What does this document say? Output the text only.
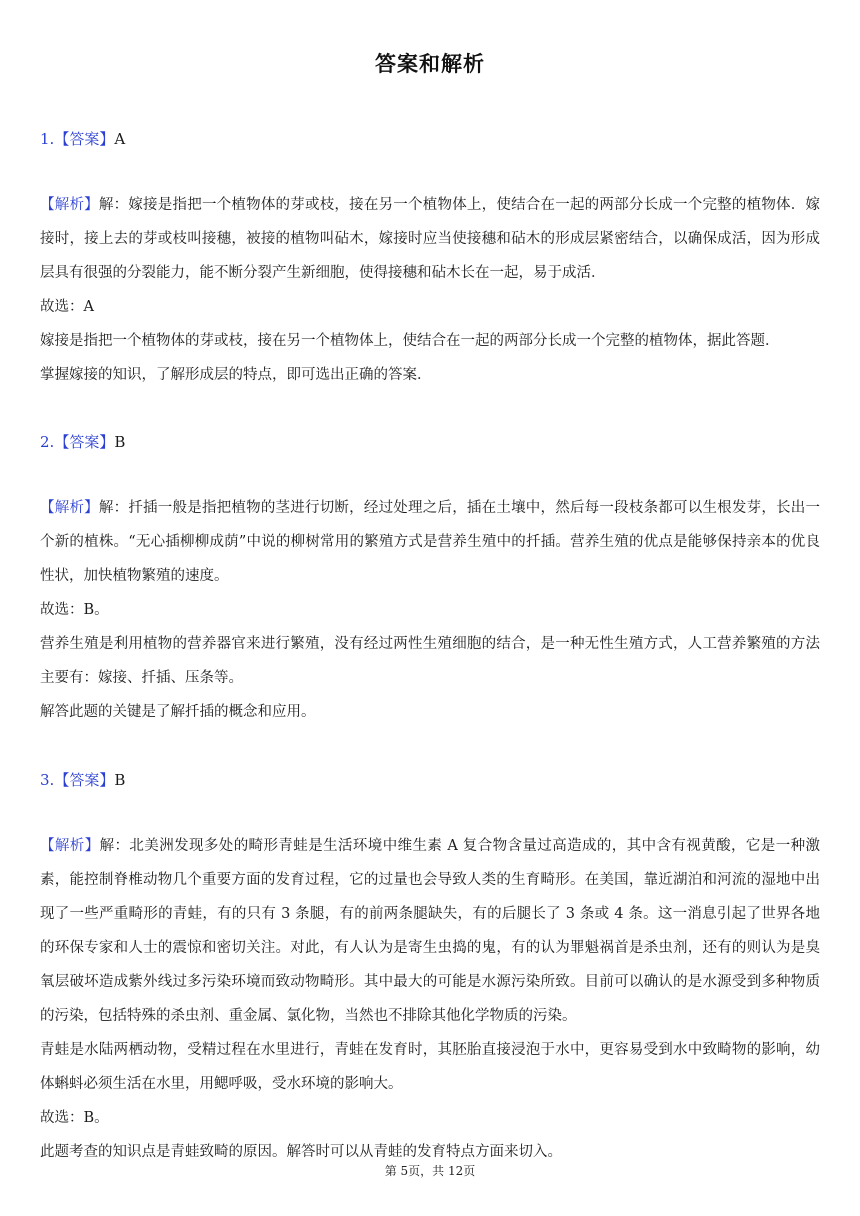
答案和解析
1.【答案】A

【解析】解：嫁接是指把一个植物体的芽或枝，接在另一个植物体上，使结合在一起的两部分长成一个完整的植物体．嫁接时，接上去的芽或枝叫接穗，被接的植物叫砧木，嫁接时应当使接穗和砧木的形成层紧密结合，以确保成活，因为形成层具有很强的分裂能力，能不断分裂产生新细胞，使得接穗和砧木长在一起，易于成活．

故选：A

嫁接是指把一个植物体的芽或枝，接在另一个植物体上，使结合在一起的两部分长成一个完整的植物体，据此答题．

掌握嫁接的知识，了解形成层的特点，即可选出正确的答案．

2.【答案】B

【解析】解：扦插一般是指把植物的茎进行切断，经过处理之后，插在土壤中，然后每一段枝条都可以生根发芽，长出一个新的植株。“无心插柳柳成荫”中说的柳树常用的繁殖方式是营养生殖中的扦插。营养生殖的优点是能够保持亲本的优良性状，加快植物繁殖的速度。

故选：B。

营养生殖是利用植物的营养器官来进行繁殖，没有经过两性生殖细胞的结合，是一种无性生殖方式，人工营养繁殖的方法主要有：嫁接、扦插、压条等。

解答此题的关键是了解扦插的概念和应用。

3.【答案】B

【解析】解：北美洲发现多处的畸形青蛙是生活环境中维生素 A 复合物含量过高造成的，其中含有视黄酸，它是一种激素，能控制脊椎动物几个重要方面的发育过程，它的过量也会导致人类的生育畸形。在美国，靠近湖泊和河流的湿地中出现了一些严重畸形的青蛙，有的只有 3 条腿，有的前两条腿缺失，有的后腿长了 3 条或 4 条。这一消息引起了世界各地的环保专家和人士的震惊和密切关注。对此，有人认为是寄生虫捣的鬼，有的认为罪魁祸首是杀虫剂，还有的则认为是臭氧层破坏造成紫外线过多污染环境而致动物畸形。其中最大的可能是水源污染所致。目前可以确认的是水源受到多种物质的污染，包括特殊的杀虫剂、重金属、氯化物，当然也不排除其他化学物质的污染。

青蛙是水陆两栖动物，受精过程在水里进行，青蛙在发育时，其胚胎直接浸泡于水中，更容易受到水中致畸物的影响，幼体蝌蚪必须生活在水里，用鳃呼吸，受水环境的影响大。

故选：B。

此题考查的知识点是青蛙致畸的原因。解答时可以从青蛙的发育特点方面来切入。

第 5页，共 12页
